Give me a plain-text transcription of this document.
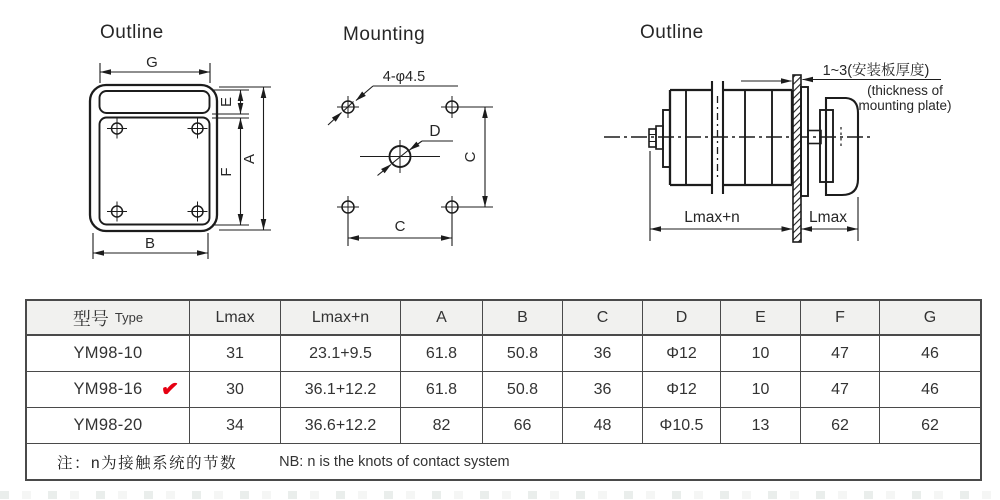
Outline
G
B
A
E
F
Mounting
4-φ4.5
D
C
C
Outline
1~3(安装板厚度)
(thickness of
mounting plate)
Lmax+n	Lmax
型号 Type	Lmax	Lmax+n	A	B	C	D	E	F	G
YM98-10	31	23.1+9.5	61.8	50.8	36	Φ12	10	47	46
YM98-16 ✔	30	36.1+12.2	61.8	50.8	36	Φ12	10	47	46
YM98-20	34	36.6+12.2	82	66	48	Φ10.5	13	62	62
注：n为接触系统的节数	NB: n is the knots of contact system
